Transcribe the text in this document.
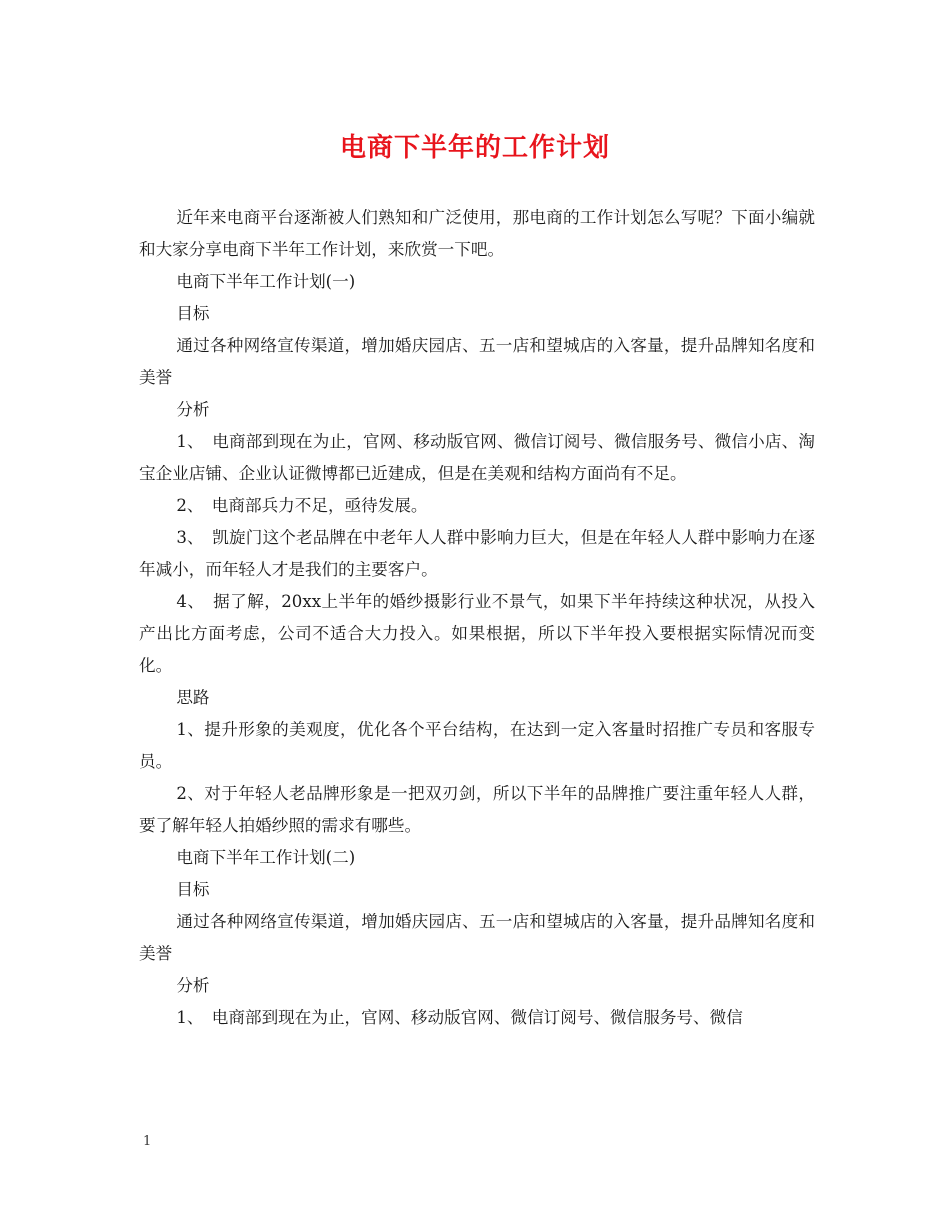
电商下半年的工作计划

近年来电商平台逐渐被人们熟知和广泛使用，那电商的工作计划怎么写呢？下面小编就和大家分享电商下半年工作计划，来欣赏一下吧。

电商下半年工作计划(一)

目标

通过各种网络宣传渠道，增加婚庆园店、五一店和望城店的入客量，提升品牌知名度和美誉

分析

1、　电商部到现在为止，官网、移动版官网、微信订阅号、微信服务号、微信小店、淘宝企业店铺、企业认证微博都已近建成，但是在美观和结构方面尚有不足。

2、　电商部兵力不足，亟待发展。

3、　凯旋门这个老品牌在中老年人人群中影响力巨大，但是在年轻人人群中影响力在逐年减小，而年轻人才是我们的主要客户。

4、　据了解，20xx上半年的婚纱摄影行业不景气，如果下半年持续这种状况，从投入产出比方面考虑，公司不适合大力投入。如果根据，所以下半年投入要根据实际情况而变化。

思路

1、提升形象的美观度，优化各个平台结构，在达到一定入客量时招推广专员和客服专员。

2、对于年轻人老品牌形象是一把双刃剑，所以下半年的品牌推广要注重年轻人人群，要了解年轻人拍婚纱照的需求有哪些。

电商下半年工作计划(二)

目标

通过各种网络宣传渠道，增加婚庆园店、五一店和望城店的入客量，提升品牌知名度和美誉

分析

1、　电商部到现在为止，官网、移动版官网、微信订阅号、微信服务号、微信

1
